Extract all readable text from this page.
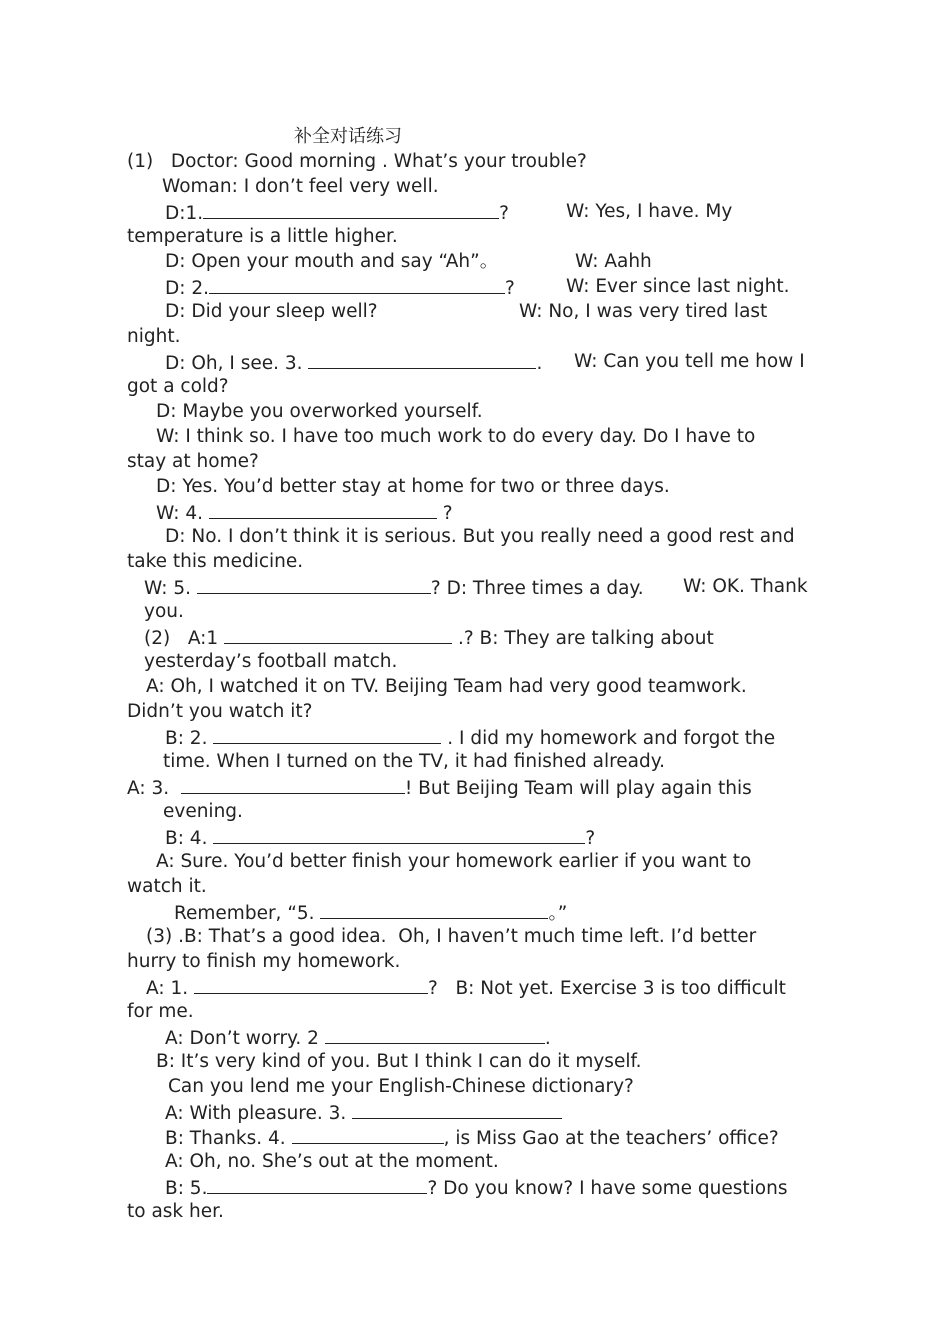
补全对话练习
(1)   Doctor: Good morning . What’s your trouble?
Woman: I don’t feel very well.
D:1.	?	W: Yes, I have. My
temperature is a little higher.
D: Open your mouth and say “Ah”。	W: Aahh
D: 2.	?	W: Ever since last night.
D: Did your sleep well?	W: No, I was very tired last
night.
D: Oh, I see. 3.	. W: Can you tell me how I
got a cold?
D: Maybe you overworked yourself.
W: I think so. I have too much work to do every day. Do I have to
stay at home?
D: Yes. You’d better stay at home for two or three days.
W: 4.	?
D: No. I don’t think it is serious. But you really need a good rest and
take this medicine.
W: 5.	? D: Three times a day. W: OK. Thank
you.
(2)   A:1	.? B: They are talking about
yesterday’s football match.
A: Oh, I watched it on TV. Beijing Team had very good teamwork.
Didn’t you watch it?
B: 2.	. I did my homework and forgot the
time. When I turned on the TV, it had finished already.
A: 3.	! But Beijing Team will play again this
evening.
B: 4.	?
A: Sure. You’d better finish your homework earlier if you want to
watch it.
Remember, “5.	。”
(3) .B: That’s a good idea.  Oh, I haven’t much time left. I’d better
hurry to finish my homework.
A: 1.	?   B: Not yet. Exercise 3 is too difficult
for me.
A: Don’t worry. 2	.
B: It’s very kind of you. But I think I can do it myself.
Can you lend me your English-Chinese dictionary?
A: With pleasure. 3.
B: Thanks. 4.	, is Miss Gao at the teachers’ office?
A: Oh, no. She’s out at the moment.
B: 5.	? Do you know? I have some questions
to ask her.
